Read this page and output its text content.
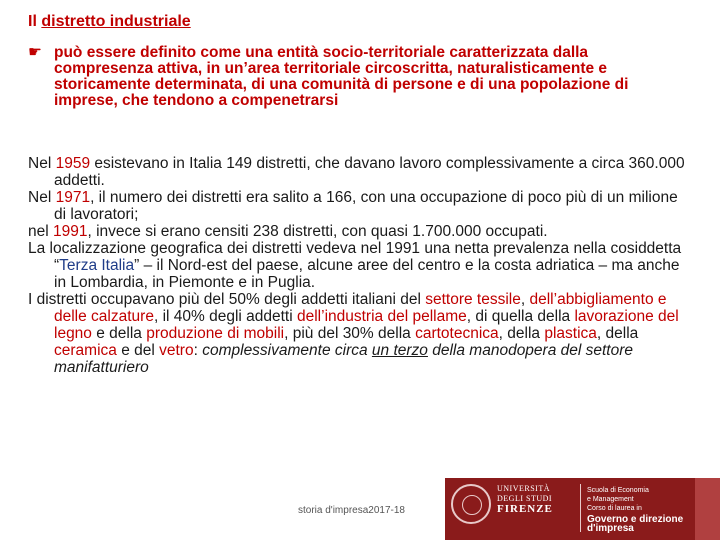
Il distretto industriale
☛ può essere definito come una entità socio-territoriale caratterizzata dalla compresenza attiva, in un’area territoriale circoscritta, naturalisticamente e storicamente determinata, di una comunità di persone e di una popolazione di imprese, che tendono a compenetrarsi

Nel 1959 esistevano in Italia 149 distretti, che davano lavoro complessivamente a circa 360.000 addetti.

Nel 1971, il numero dei distretti era salito a 166, con una occupazione di poco più di un milione di lavoratori;

nel 1991, invece si erano censiti 238 distretti, con quasi 1.700.000 occupati.

La localizzazione geografica dei distretti vedeva nel 1991 una netta prevalenza nella cosiddetta “Terza Italia” – il Nord-est del paese, alcune aree del centro e la costa adriatica – ma anche in Lombardia, in Piemonte e in Puglia.

I distretti occupavano più del 50% degli addetti italiani del settore tessile, dell’abbigliamento e delle calzature, il 40% degli addetti dell’industria del pellame, di quella della lavorazione del legno e della produzione di mobili, più del 30% della cartotecnica, della plastica, della ceramica e del vetro: complessivamente circa un terzo della manodopera del settore manifatturiero

storia d'impresa2017-18
UNIVERSITÀ
DEGLI STUDI
FIRENZE
Scuola di Economia
e Management
Corso di laurea in
Governo e direzione d'impresa
